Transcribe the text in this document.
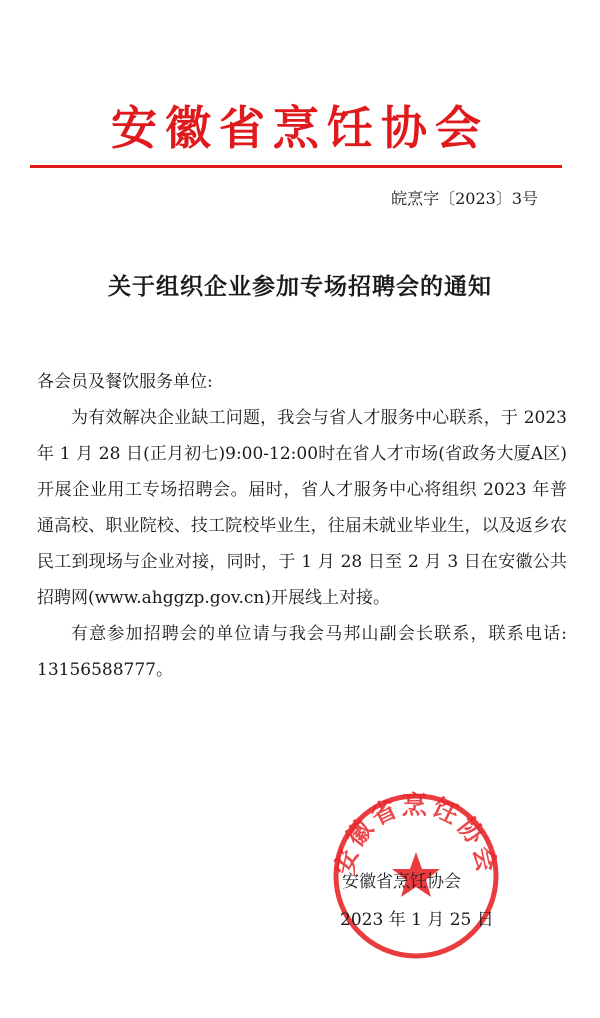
安徽省烹饪协会
皖烹字〔2023〕3号
关于组织企业参加专场招聘会的通知

各会员及餐饮服务单位:

为有效解决企业缺工问题，我会与省人才服务中心联系，于 2023 年 1 月 28 日(正月初七)9:00-12:00时在省人才市场(省政务大厦A区)开展企业用工专场招聘会。届时，省人才服务中心将组织 2023 年普通高校、职业院校、技工院校毕业生，往届未就业毕业生，以及返乡农民工到现场与企业对接，同时，于 1 月 28 日至 2 月 3 日在安徽公共招聘网(www.ahggzp.gov.cn)开展线上对接。

有意参加招聘会的单位请与我会马邦山副会长联系，联系电话: 13156588777。

安徽省烹饪协会
安徽省烹饪协会
2023 年 1 月 25 日
